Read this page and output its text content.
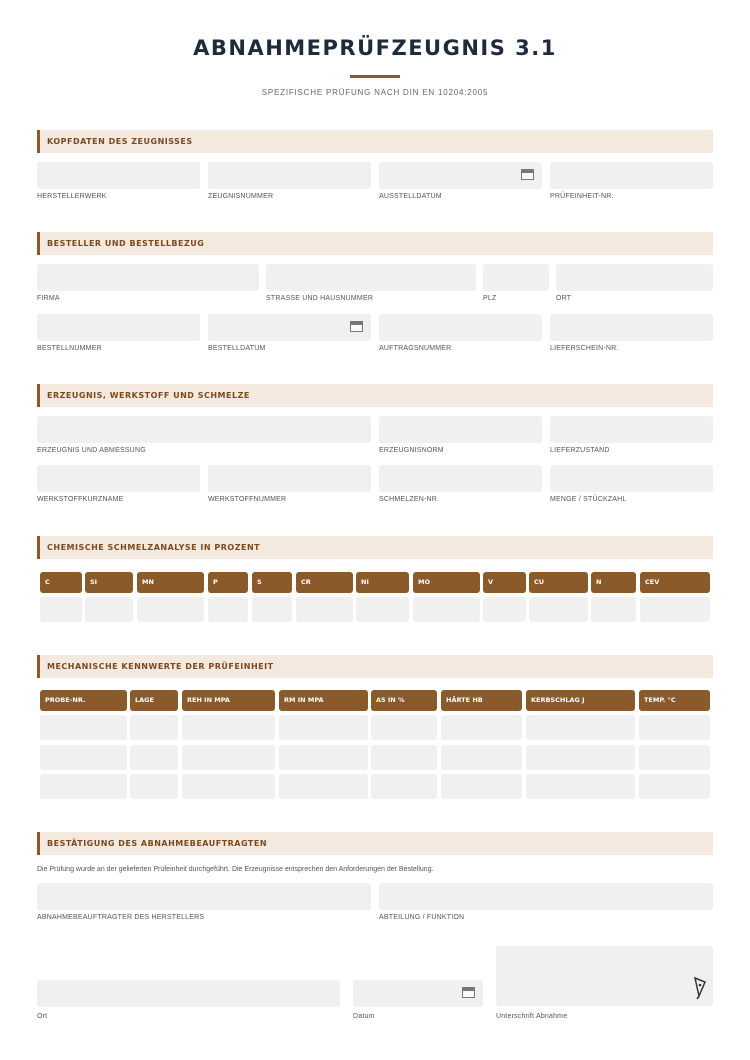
ABNAHMEPRÜFZEUGNIS 3.1
SPEZIFISCHE PRÜFUNG NACH DIN EN 10204:2005
KOPFDATEN DES ZEUGNISSES
HERSTELLERWERK	ZEUGNISNUMMER	AUSSTELLDATUM	PRÜFEINHEIT-NR.
BESTELLER UND BESTELLBEZUG
FIRMA	STRASSE UND HAUSNUMMER	PLZ	ORT
BESTELLNUMMER	BESTELLDATUM	AUFTRAGSNUMMER	LIEFERSCHEIN-NR.
ERZEUGNIS, WERKSTOFF UND SCHMELZE
ERZEUGNIS UND ABMESSUNG	ERZEUGNISNORM	LIEFERZUSTAND
WERKSTOFFKURZNAME	WERKSTOFFNUMMER	SCHMELZEN-NR.	MENGE / STÜCKZAHL
CHEMISCHE SCHMELZANALYSE IN PROZENT
C	SI	MN	P	S	CR	NI	MO	V	CU	N	CEV
MECHANISCHE KENNWERTE DER PRÜFEINHEIT
PROBE-NR.	LAGE	REH IN MPA	RM IN MPA	A5 IN %	HÄRTE HB	KERBSCHLAG J	TEMP. °C
BESTÄTIGUNG DES ABNAHMEBEAUFTRAGTEN
Die Prüfung wurde an der gelieferten Prüfeinheit durchgeführt. Die Erzeugnisse entsprechen den Anforderungen der Bestellung.
ABNAHMEBEAUFTRAGTER DES HERSTELLERS	ABTEILUNG / FUNKTION
Ort	Datum	Unterschrift Abnahme
